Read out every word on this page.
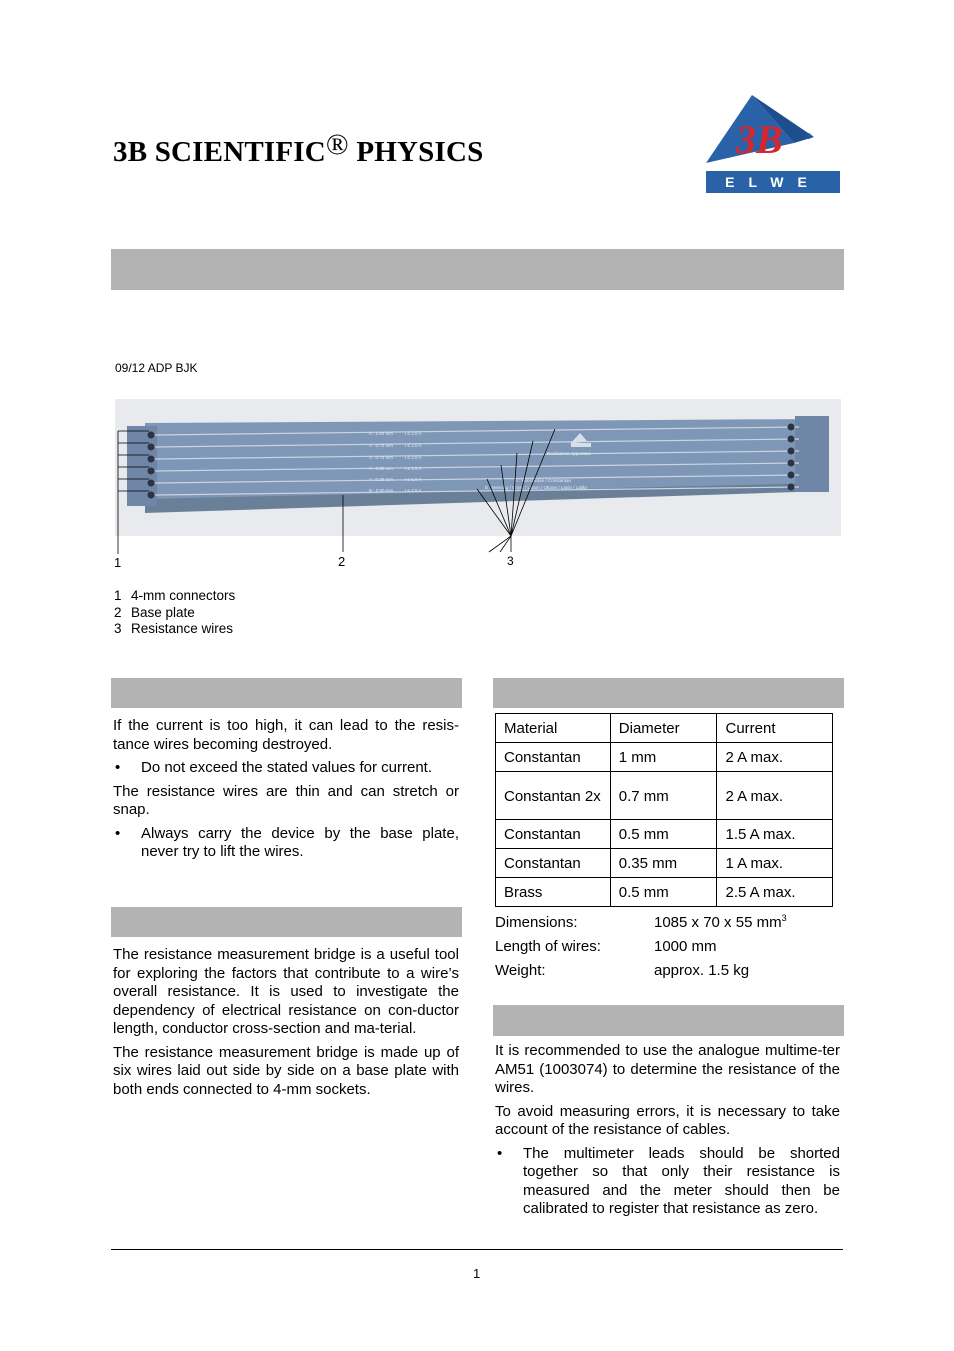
3B SCIENTIFIC® PHYSICS	3B	®
ELWE
09/12 ADP BJK
A : 1.00 mm
A : 0.70 mm
A : 0.70 mm
A : 0.50 mm
A : 0.35 mm
B : 0.50 mm
I ≤ 2.0 A
I ≤ 2.0 A
I ≤ 2.0 A
I ≤ 1.5 A
I ≤ 1.0 A
I ≤ 2.5 A
Resistance Apparatus
A : Konstantan / Constantan
B : Messing / Brass / Laiton / Ottone / Latón / Latão
1	2	3
1 4-mm connectors
2 Base plate
3 Resistance wires

If the current is too high, it can lead to the resis-tance wires becoming destroyed.

• Do not exceed the stated values for current.

The resistance wires are thin and can stretch or snap.

• Always carry the device by the base plate, never try to lift the wires.

The resistance measurement bridge is a useful tool for exploring the factors that contribute to a wire’s overall resistance. It is used to investigate the dependency of electrical resistance on con-ductor length, conductor cross-section and ma-terial.

The resistance measurement bridge is made up of six wires laid out side by side on a base plate with both ends connected to 4-mm sockets.

Material	Diameter	Current
Constantan	1 mm	2 A max.
Constantan 2x	0.7 mm	2 A max.
Constantan	0.5 mm	1.5 A max.
Constantan	0.35 mm	1 A max.
Brass	0.5 mm	2.5 A max.
Dimensions:	1085 x 70 x 55 $mm^3$
Length of wires:	1000 mm
Weight:	approx. 1.5 kg

It is recommended to use the analogue multime-ter AM51 (1003074) to determine the resistance of the wires.

To avoid measuring errors, it is necessary to take account of the resistance of cables.

• The multimeter leads should be shorted together so that only their resistance is measured and the meter should then be calibrated to register that resistance as zero.
1
